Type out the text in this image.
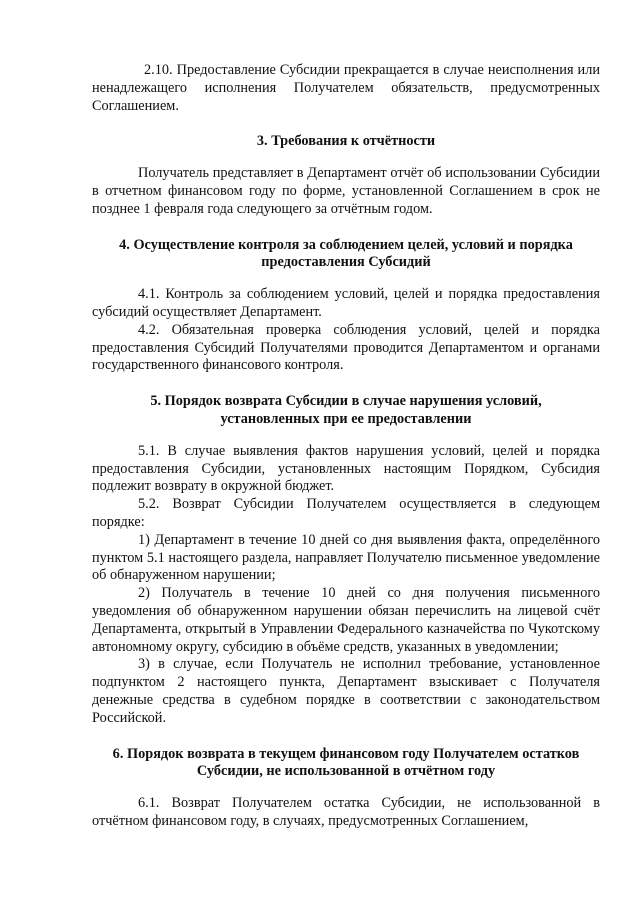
2.10. Предоставление Субсидии прекращается в случае неисполнения или ненадлежащего исполнения Получателем обязательств, предусмотренных Соглашением.

3. Требования к отчётности

Получатель представляет в Департамент отчёт об использовании Субсидии в отчетном финансовом году по форме, установленной Соглашением в срок не позднее 1 февраля года следующего за отчётным годом.

4. Осуществление контроля за соблюдением целей, условий и порядка
предоставления Субсидий

4.1. Контроль за соблюдением условий, целей и порядка предоставления субсидий осуществляет Департамент.

4.2. Обязательная проверка соблюдения условий, целей и порядка предоставления Субсидий Получателями проводится Департаментом и органами государственного финансового контроля.

5. Порядок возврата Субсидии в случае нарушения условий,
установленных при ее предоставлении

5.1. В случае выявления фактов нарушения условий, целей и порядка предоставления Субсидии, установленных настоящим Порядком, Субсидия подлежит возврату в окружной бюджет.

5.2. Возврат Субсидии Получателем осуществляется в следующем порядке:

1) Департамент в течение 10 дней со дня выявления факта, определённого пунктом 5.1 настоящего раздела, направляет Получателю письменное уведомление об обнаруженном нарушении;

2) Получатель в течение 10 дней со дня получения письменного уведомления об обнаруженном нарушении обязан перечислить на лицевой счёт Департамента, открытый в Управлении Федерального казначейства по Чукотскому автономному округу, субсидию в объёме средств, указанных в уведомлении;

3) в случае, если Получатель не исполнил требование, установленное подпунктом 2 настоящего пункта, Департамент взыскивает с Получателя денежные средства в судебном порядке в соответствии с законодательством Российской.

6. Порядок возврата в текущем финансовом году Получателем остатков
Субсидии, не использованной в отчётном году

6.1. Возврат Получателем остатка Субсидии, не использованной в отчётном финансовом году, в случаях, предусмотренных Соглашением,
